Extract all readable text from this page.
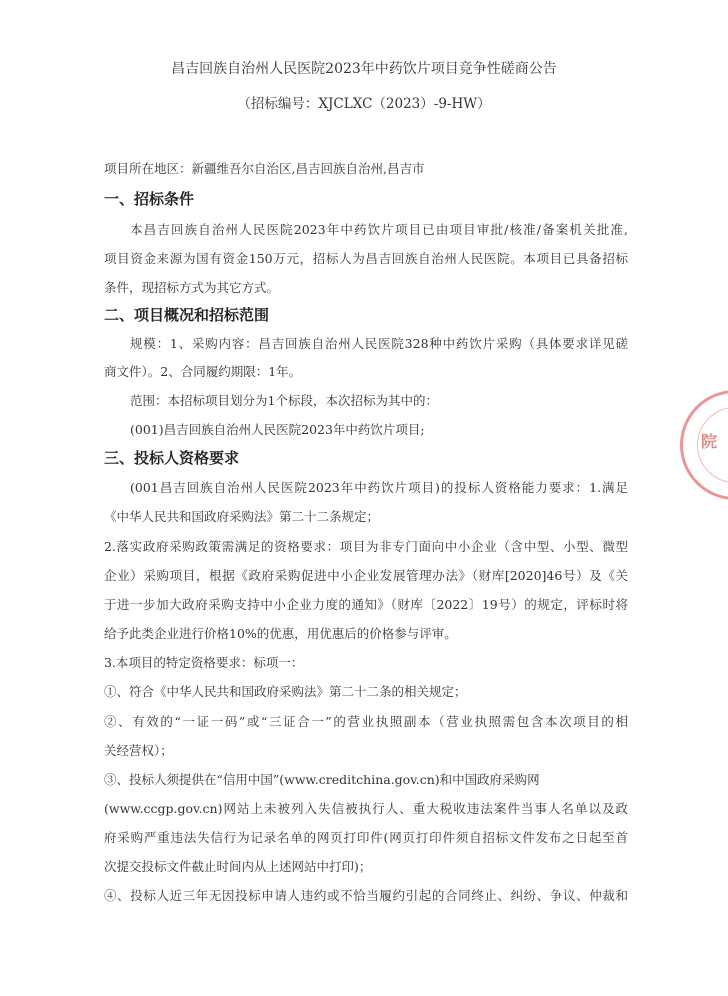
昌吉回族自治州人民医院2023年中药饮片项目竞争性磋商公告
（招标编号：XJCLXC（2023）-9-HW）
项目所在地区：新疆维吾尔自治区,昌吉回族自治州,昌吉市
一、招标条件
本昌吉回族自治州人民医院2023年中药饮片项目已由项目审批/核准/备案机关批准,
项目资金来源为国有资金150万元，招标人为昌吉回族自治州人民医院。本项目已具备招标
条件，现招标方式为其它方式。
二、项目概况和招标范围
规模：1、采购内容：昌吉回族自治州人民医院328种中药饮片采购（具体要求详见磋
商文件）。2、合同履约期限：1年。
范围：本招标项目划分为1个标段，本次招标为其中的：
(001)昌吉回族自治州人民医院2023年中药饮片项目;
三、投标人资格要求
(001昌吉回族自治州人民医院2023年中药饮片项目)的投标人资格能力要求：1.满足
《中华人民共和国政府采购法》第二十二条规定；
2.落实政府采购政策需满足的资格要求：项目为非专门面向中小企业（含中型、小型、微型
企业）采购项目，根据《政府采购促进中小企业发展管理办法》（财库[2020]46号）及《关
于进一步加大政府采购支持中小企业力度的通知》（财库〔2022〕19号）的规定，评标时将
给予此类企业进行价格10%的优惠，用优惠后的价格参与评审。
3.本项目的特定资格要求：标项一：
①、符合《中华人民共和国政府采购法》第二十二条的相关规定；
②、有效的“一证一码”或“三证合一”的营业执照副本（营业执照需包含本次项目的相
关经营权）；
③、投标人须提供在“信用中国”(www.creditchina.gov.cn)和中国政府采购网
(www.ccgp.gov.cn)网站上未被列入失信被执行人、重大税收违法案件当事人名单以及政
府采购严重违法失信行为记录名单的网页打印件(网页打印件须自招标文件发布之日起至首
次提交投标文件截止时间内从上述网站中打印)；
④、投标人近三年无因投标申请人违约或不恰当履约引起的合同终止、纠纷、争议、仲裁和
院
